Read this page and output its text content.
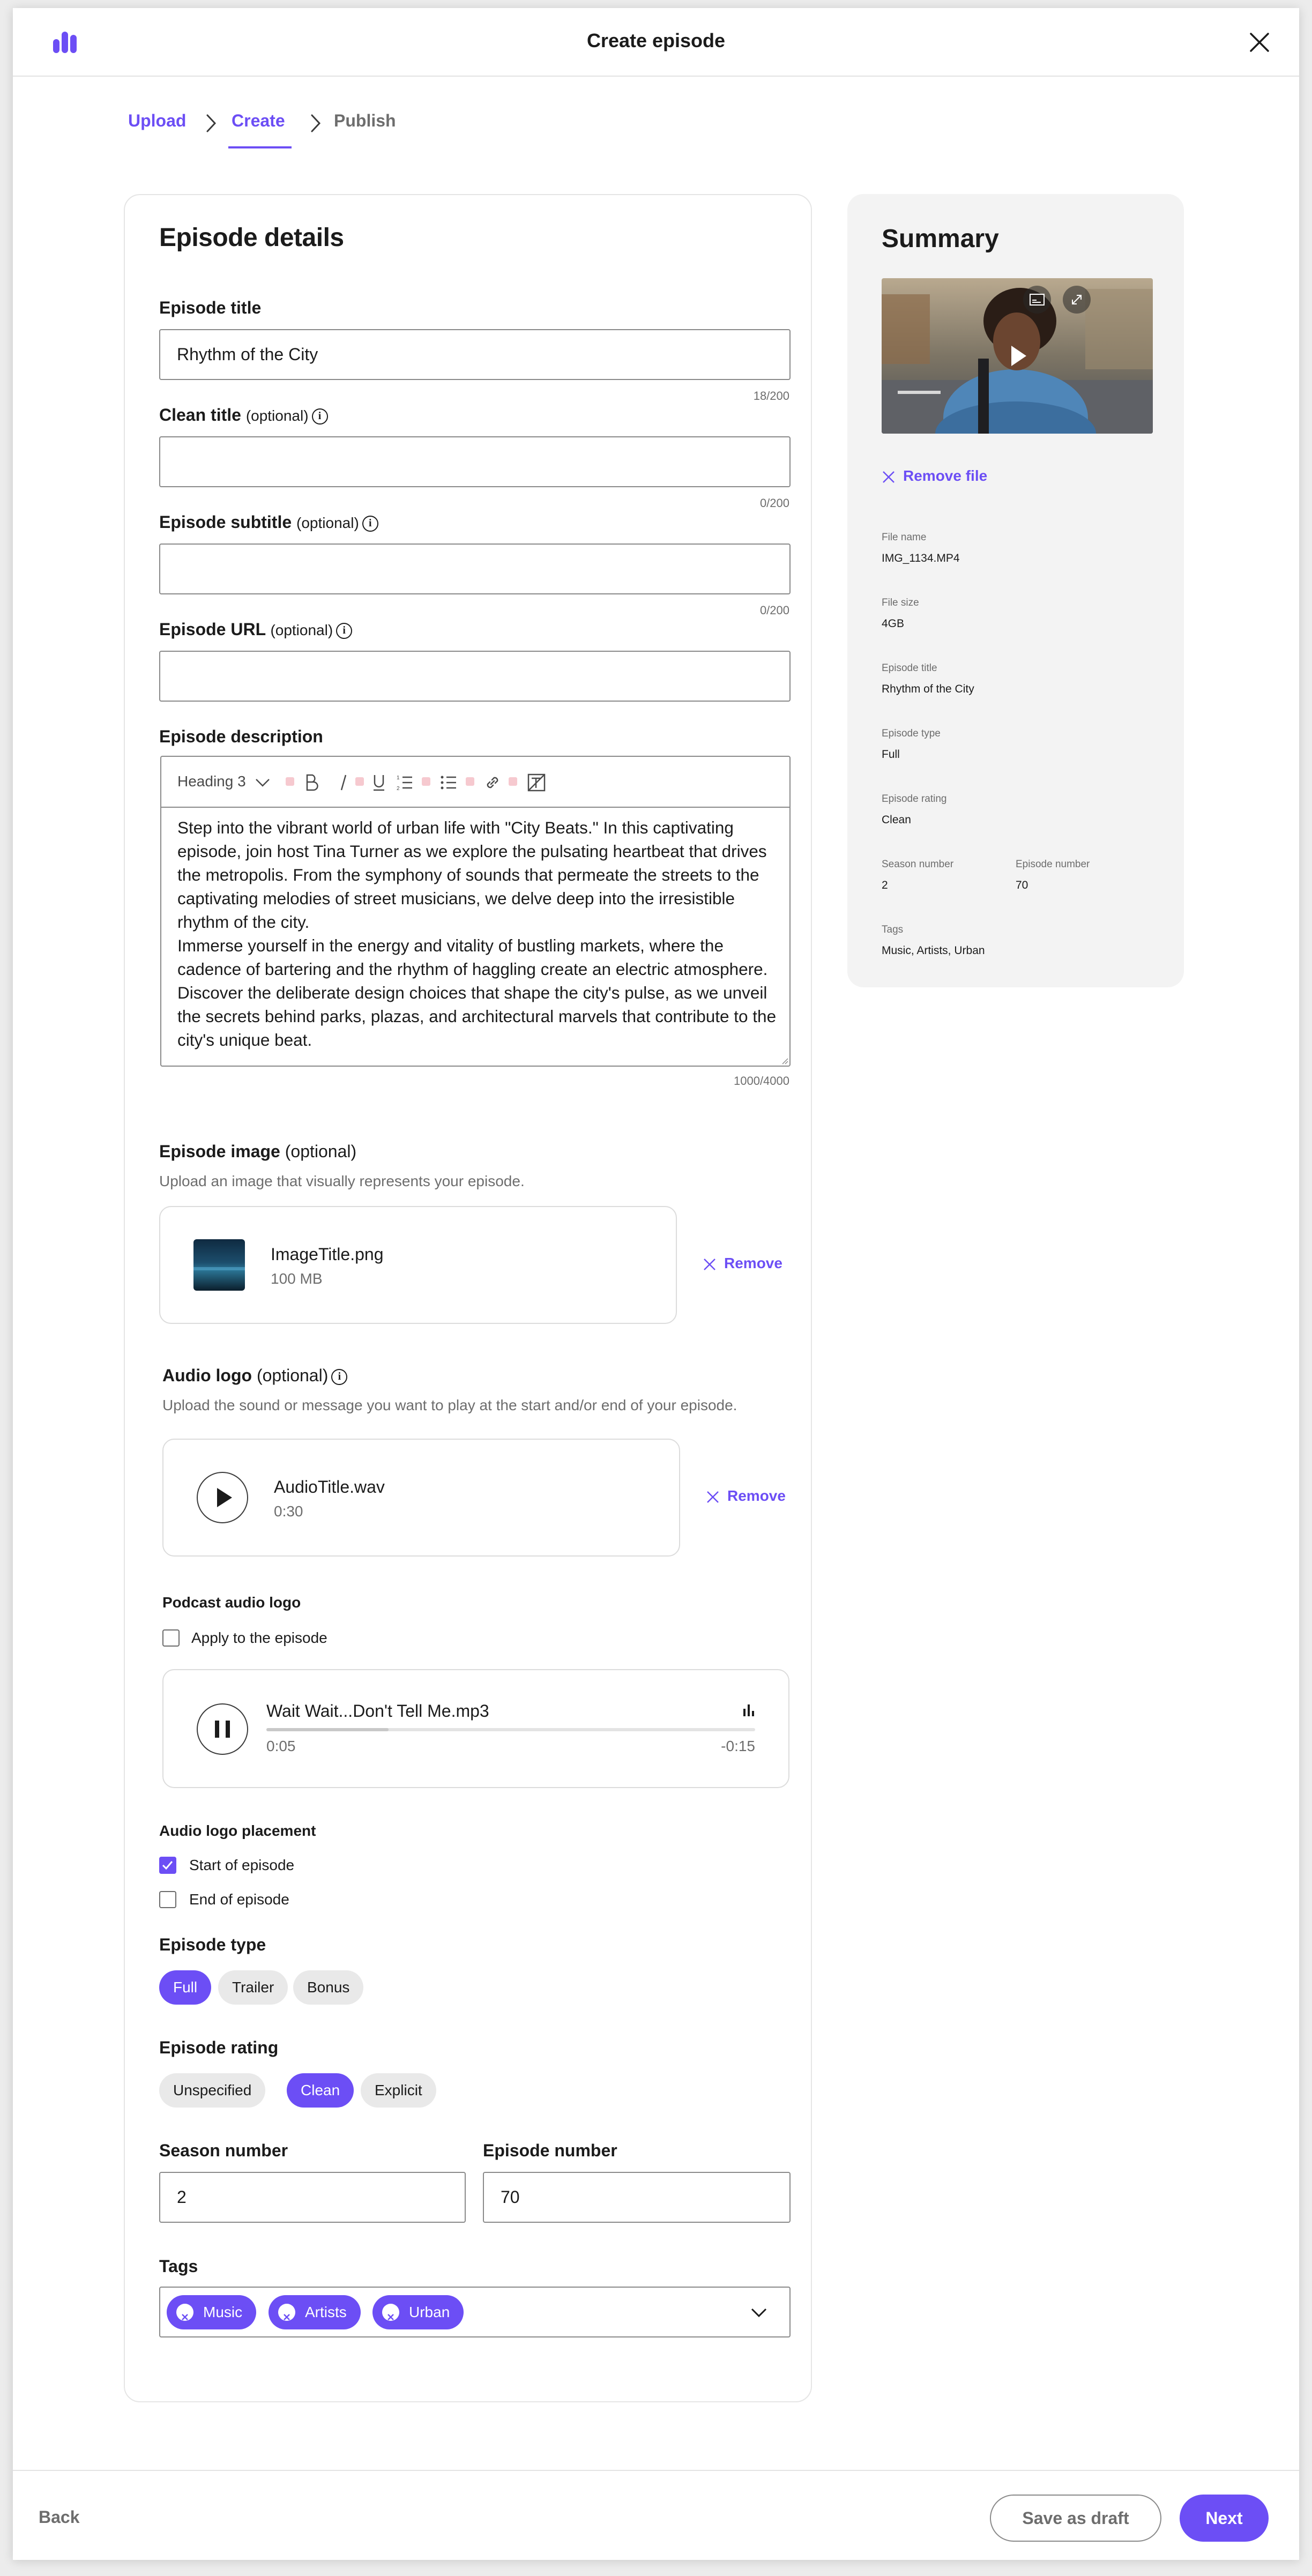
Create episode
Upload	Create	Publish
Episode details
Episode title
Rhythm of the City
18/200
Clean title (optional) i
0/200
Episode subtitle (optional) i
0/200
Episode URL (optional) i
Episode description
Heading 3	1
2

Step into the vibrant world of urban life with "City Beats." In this captivating episode, join host Tina Turner as we explore the pulsating heartbeat that drives the metropolis. From the symphony of sounds that permeate the streets to the captivating melodies of street musicians, we delve deep into the irresistible rhythm of the city.

Immerse yourself in the energy and vitality of bustling markets, where the cadence of bartering and the rhythm of haggling create an electric atmosphere. Discover the deliberate design choices that shape the city's pulse, as we unveil the secrets behind parks, plazas, and architectural marvels that contribute to the city's unique beat.

1000/4000
Episode image (optional)
Upload an image that visually represents your episode.
ImageTitle.png
100 MB
Remove
Audio logo (optional) i
Upload the sound or message you want to play at the start and/or end of your episode.
AudioTitle.wav
0:30
Remove
Podcast audio logo
Apply to the episode
Wait Wait...Don't Tell Me.mp3
0:05	-0:15
Audio logo placement
Start of episode
End of episode
Episode type
Full	Trailer	Bonus
Episode rating
Unspecified	Clean	Explicit
Season number
2
Episode number
70
Tags
Music	Artists	Urban
Summary
Remove file
File name
IMG_1134.MP4
File size
4GB
Episode title
Rhythm of the City
Episode type
Full
Episode rating
Clean
Season number
2
Episode number
70
Tags
Music, Artists, Urban
Back	Save as draft	Next
